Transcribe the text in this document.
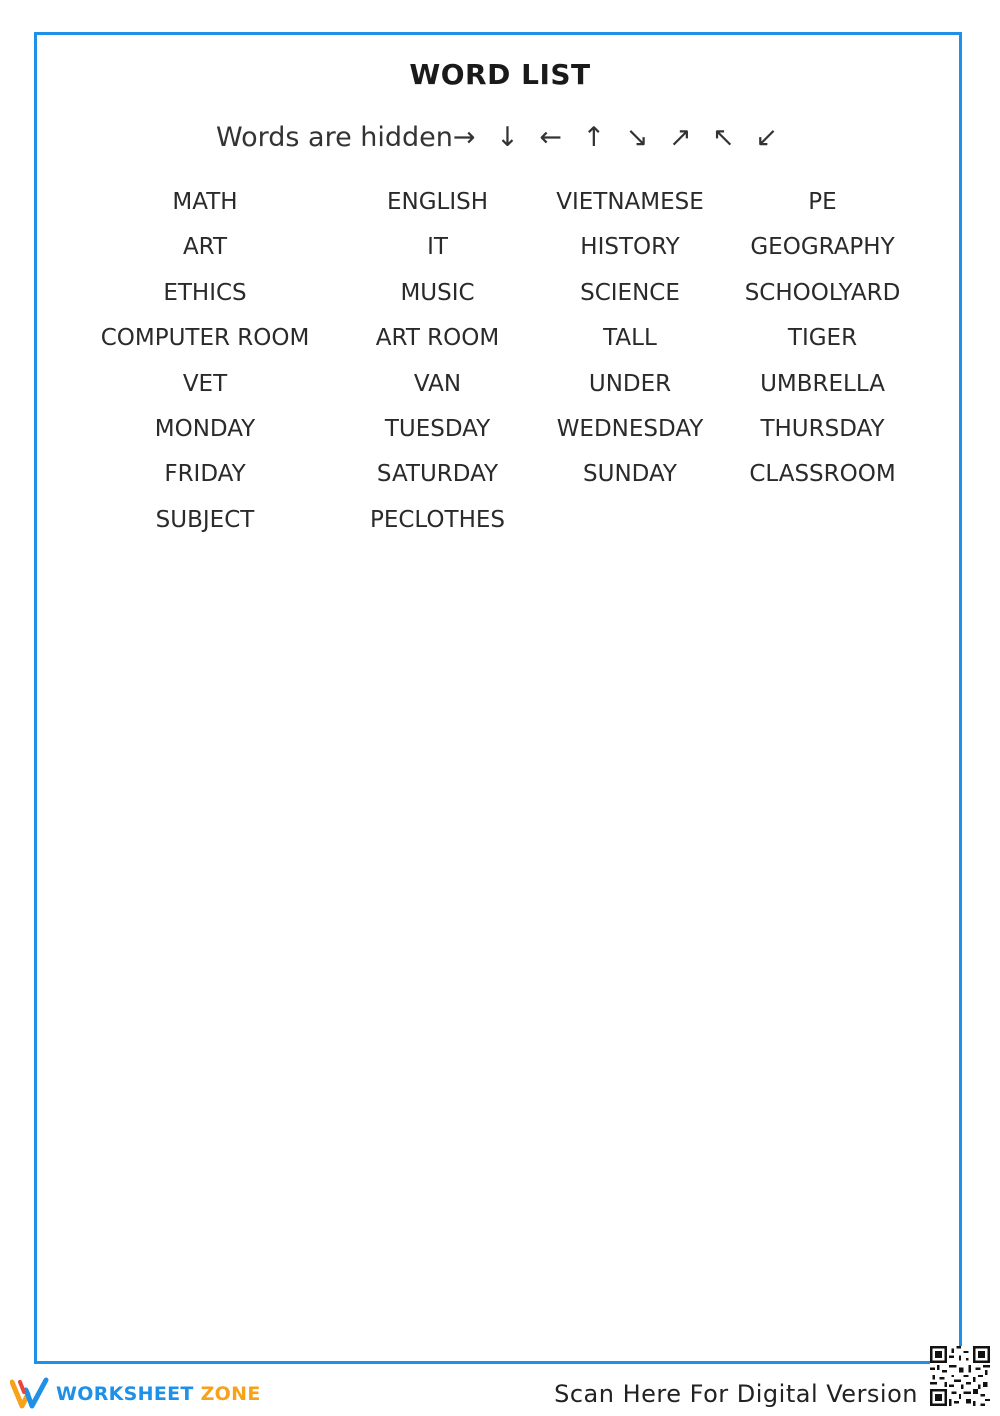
WORD LIST
Words are hidden→ ↓ ← ↑ ↘ ↗ ↖ ↙
MATH	ENGLISH	VIETNAMESE	PE
ART	IT	HISTORY	GEOGRAPHY
ETHICS	MUSIC	SCIENCE	SCHOOLYARD
COMPUTER ROOM	ART ROOM	TALL	TIGER
VET	VAN	UNDER	UMBRELLA
MONDAY	TUESDAY	WEDNESDAY	THURSDAY
FRIDAY	SATURDAY	SUNDAY	CLASSROOM
SUBJECT	PECLOTHES
WORKSHEET ZONE	Scan Here For Digital Version
